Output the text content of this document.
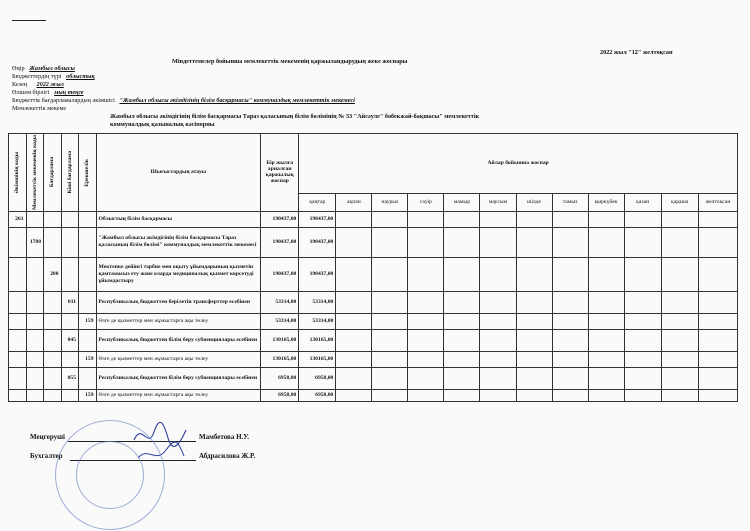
2022 жыл "12" желтоқсан
Міндеттемелер бойынша мемлекеттік мекеменің қаржыландырудың жеке жоспары
Өңір Жамбыл облысы
Бюджеттердің түрі облыстық
Кезең 2022 жыл
Өлшем бірлігі мың теңге
Бюджеттік бағдарламалардың әкімшісі "Жамбыл облысы әкімдігінің білім басқармасы" коммуналдық мемлекеттік мекемесі
Мемлекеттік мекеме
Жамбыл облысы әкімдігінің білім басқармасы Тараз қаласының білім бөлімінің № 33 "Айсәуле" бөбекжай-бақшасы" мемлекеттік коммуналдық қазыналық кәсіпорны
Әкімшінің коды	Мемлекеттік мекеменің коды	Бағдарлама	Кіші бағдарлама	Ерекшелік	Шығыстардың атауы	Бір жылға арналған қаржылық жоспар	Айлар бойынша жоспар											
							қаңтар	ақпан	наурыз	сәуір	мамыр	маусым	шілде	тамыз	қыркүйек	қазан	қараша	желтоқсан
261					Облыстың білім басқармасы	190437,00	190437,00											
	1788				"Жамбыл облысы әкімдігінің білім басқармасы Тараз қаласының білім бөлімі" коммуналдық мемлекеттік мекемесі	190437,00	190437,00											
		200			Мектепке дейінгі тәрбие мен оқыту ұйымдарының қызметін қамтамасыз ету және оларда медициналық қызмет көрсетуді ұйымдастыру	190437,00	190437,00											
			011		Республикалық бюджеттен берілетін трансферттер есебінен	53314,00	53314,00											
				159	Өзге де қызметтер мен жұмыстарға ақы төлеу	53314,00	53314,00											
			045		Республикалық бюджеттен білім беру субвенциялары есебінен	130165,00	130165,00											
				159	Өзге де қызметтер мен жұмыстарға ақы төлеу	130165,00	130165,00											
			055		Республикалық бюджеттен білім беру субвенциялары есебінен	6958,00	6958,00											
				159	Өзге де қызметтер мен жұмыстарға ақы төлеу	6958,00	6958,00											
Меңгеруші	Мамбетова Н.У.
Бухгалтер	Абдрасилова Ж.Р.
